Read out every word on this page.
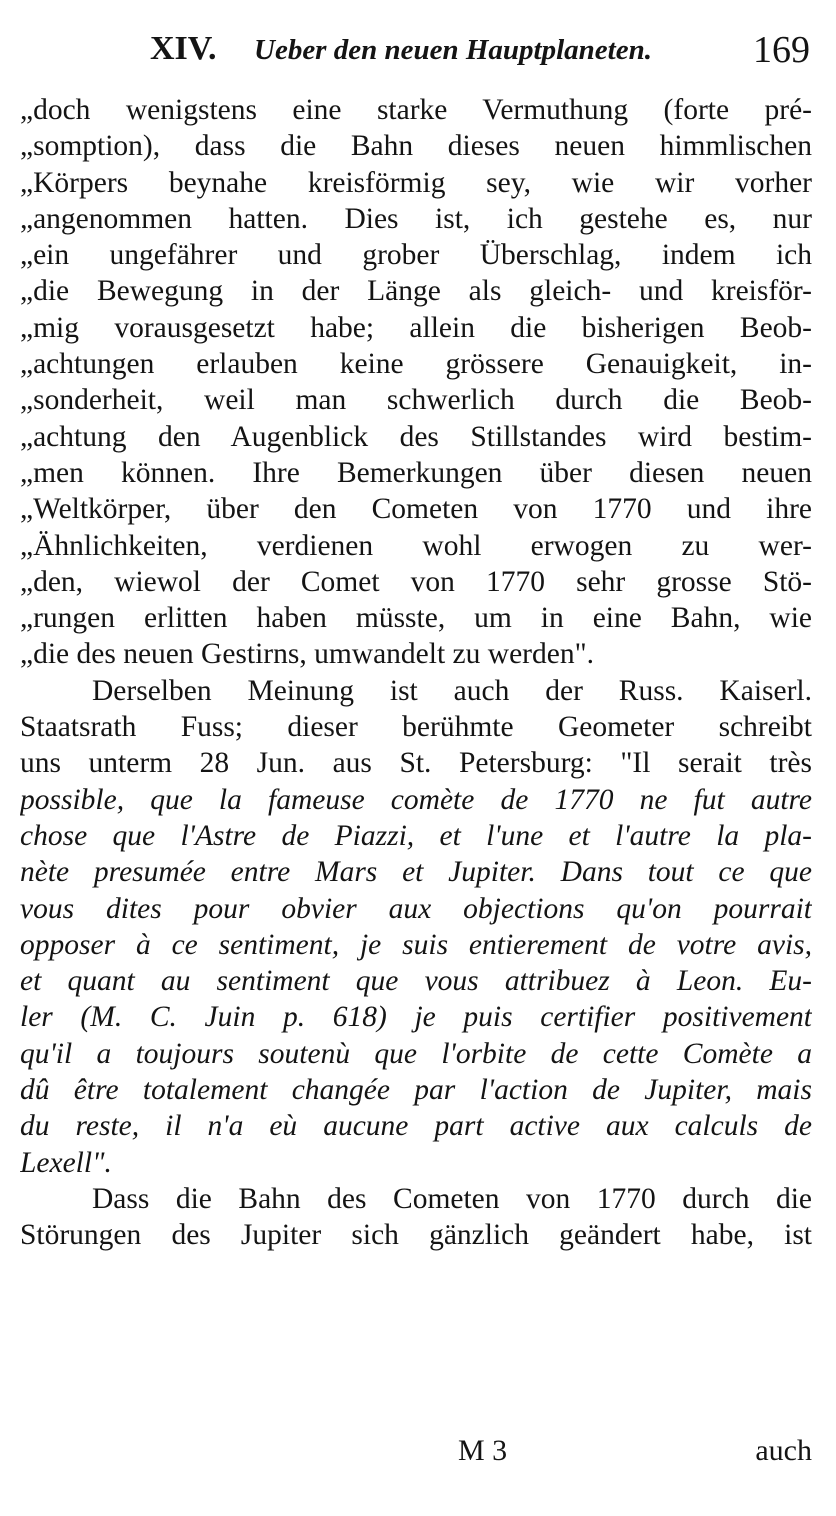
XIV. Ueber den neuen Hauptplaneten.	169
„doch wenigstens eine starke Vermuthung (forte pré-
„somption), dass die Bahn dieses neuen himmlischen
„Körpers beynahe kreisförmig sey, wie wir vorher
„angenommen hatten. Dies ist, ich gestehe es, nur
„ein ungefährer und grober Überschlag, indem ich
„die Bewegung in der Länge als gleich- und kreisför-
„mig vorausgesetzt habe; allein die bisherigen Beob-
„achtungen erlauben keine grössere Genauigkeit, in-
„sonderheit, weil man schwerlich durch die Beob-
„achtung den Augenblick des Stillstandes wird bestim-
„men können. Ihre Bemerkungen über diesen neuen
„Weltkörper, über den Cometen von 1770 und ihre
„Ähnlichkeiten, verdienen wohl erwogen zu wer-
„den, wiewol der Comet von 1770 sehr grosse Stö-
„rungen erlitten haben müsste, um in eine Bahn, wie
„die des neuen Gestirns, umwandelt zu werden".
Derselben Meinung ist auch der Russ. Kaiserl.
Staatsrath Fuss; dieser berühmte Geometer schreibt
uns unterm 28 Jun. aus St. Petersburg: "Il serait très
possible, que la fameuse comète de 1770 ne fut autre
chose que l'Astre de Piazzi, et l'une et l'autre la pla-
nète presumée entre Mars et Jupiter. Dans tout ce que
vous dites pour obvier aux objections qu'on pourrait
opposer à ce sentiment, je suis entierement de votre avis,
et quant au sentiment que vous attribuez à Leon. Eu-
ler (M. C. Juin p. 618) je puis certifier positivement
qu'il a toujours soutenù que l'orbite de cette Comète a
dû être totalement changée par l'action de Jupiter, mais
du reste, il n'a eù aucune part active aux calculs de
Lexell".
Dass die Bahn des Cometen von 1770 durch die
Störungen des Jupiter sich gänzlich geändert habe, ist
M 3	auch
